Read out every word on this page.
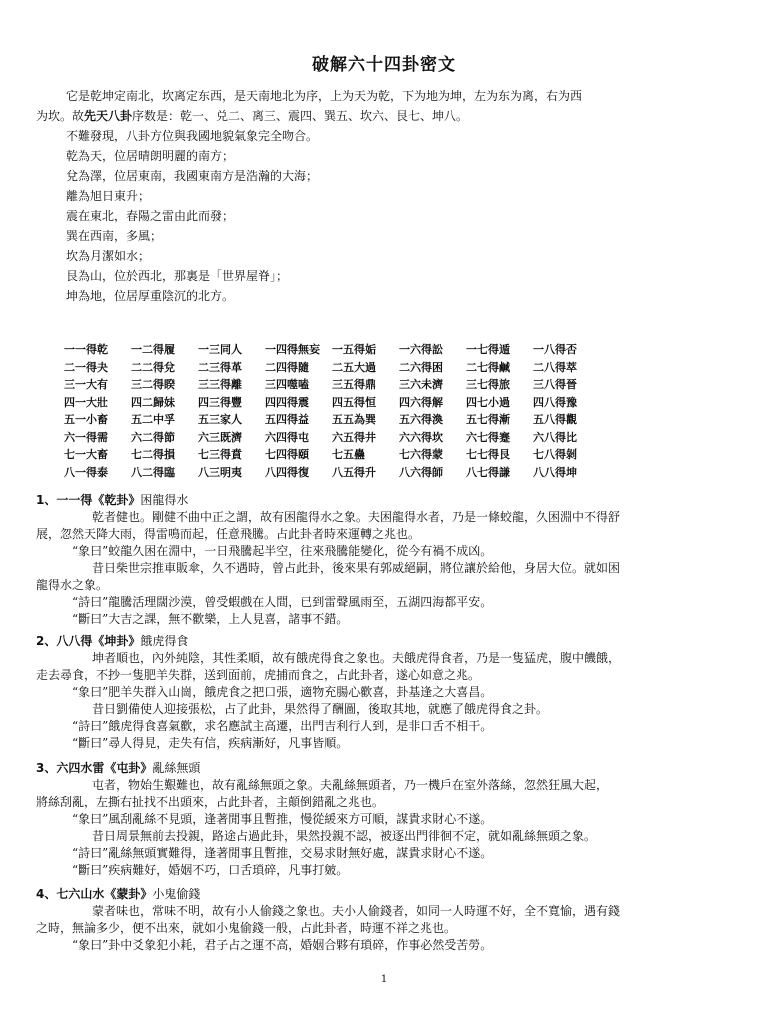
破解六十四卦密文
它是乾坤定南北，坎离定东西，是天南地北为序，上为天为乾，下为地为坤，左为东为离，右为西
为坎。故先天八卦序数是：乾一、兑二、离三、震四、巽五、坎六、艮七、坤八。
不難發現，八卦方位與我國地貌氣象完全吻合。
乾為天，位居晴朗明麗的南方；
兌為澤，位居東南，我國東南方是浩瀚的大海；
離為旭日東升；
震在東北，春陽之雷由此而發；
巽在西南，多風；
坎為月潔如水；
艮為山，位於西北，那裏是「世界屋脊」；
坤為地，位居厚重陰沉的北方。
一一得乾	一二得履	一三同人	一四得無妄	一五得姤	一六得訟	一七得遁	一八得否
二一得夬	二二得兌	二三得革	二四得隨	二五大過	二六得困	二七得鹹	二八得萃
三一大有	三二得睽	三三得離	三四噬嗑	三五得鼎	三六未濟	三七得旅	三八得晉
四一大壯	四二歸妹	四三得豐	四四得震	四五得恒	四六得解	四七小過	四八得豫
五一小畜	五二中孚	五三家人	五四得益	五五為巽	五六得渙	五七得漸	五八得觀
六一得需	六二得節	六三既濟	六四得屯	六五得井	六六得坎	六七得蹇	六八得比
七一大畜	七二得損	七三得賁	七四得頤	七五蠱	七六得蒙	七七得艮	七八得剝
八一得泰	八二得臨	八三明夷	八四得復	八五得升	八六得師	八七得謙	八八得坤
1、一一得《乾卦》困龍得水
乾者健也。剛健不曲中正之謂，故有困龍得水之象。夫困龍得水者，乃是一條蛟龍，久困淵中不得舒
展，忽然天降大雨，得雷鳴而起，任意飛騰。占此卦者時來運轉之兆也。
“象曰”蛟龍久困在淵中，一日飛騰起半空，往來飛騰能變化，從今有禍不成凶。
昔日柴世宗推車販傘，久不遇時，曾占此卦，後來果有郭威絕嗣，將位讓於給他，身居大位。就如困
龍得水之象。
“詩曰”龍騰活理闊沙漠，曾受蝦戲在人間，已到雷聲風雨至，五湖四海都平安。
“斷曰”大吉之課，無不歡樂，上人見喜，諸事不錯。
2、八八得《坤卦》餓虎得食
坤者順也，內外純陰，其性柔順，故有餓虎得食之象也。夫餓虎得食者，乃是一隻猛虎，腹中饑餓，
走去尋食，不抄一隻肥羊失群，送到面前，虎捕而食之，占此卦者，遂心如意之兆。
“象曰”肥羊失群入山崗，餓虎食之把口張，適物充腸心歡喜，卦基逢之大喜昌。
昔日劉備使人迎接張松，占了此卦，果然得了酬圖，後取其地，就應了餓虎得食之卦。
“詩曰”餓虎得食喜氣歡，求名應試主高遷，出門吉利行人到，是非口舌不相干。
“斷曰”尋人得見，走失有信，疾病漸好，凡事皆順。
3、六四水雷《屯卦》亂絲無頭
屯者，物始生艱難也，故有亂絲無頭之象。夫亂絲無頭者，乃一機戶在室外落絲，忽然狂風大起，
將絲刮亂，左撕右扯找不出頭來，占此卦者，主顛倒錯亂之兆也。
“象曰”風刮亂絲不見頭，逢著閒事且暫推，慢從緩來方可順，謀貴求財心不遂。
昔日周景無前去投親，路途占過此卦，果然投親不認，被逐出門徘徊不定，就如亂絲無頭之象。
“詩曰”亂絲無頭實難得，逢著閒事且暫推，交易求財無好處，謀貴求財心不遂。
“斷曰”疾病難好，婚姻不巧，口舌瑣碎，凡事打皴。
4、七六山水《蒙卦》小鬼偷錢
蒙者味也，常味不明，故有小人偷錢之象也。夫小人偷錢者，如同一人時運不好，全不寬愉，遇有錢
之時，無論多少，便不出來，就如小鬼偷錢一般，占此卦者，時運不祥之兆也。
“象曰”卦中爻象犯小耗，君子占之運不高，婚姻合夥有瑣碎，作事必然受苦勞。
1
